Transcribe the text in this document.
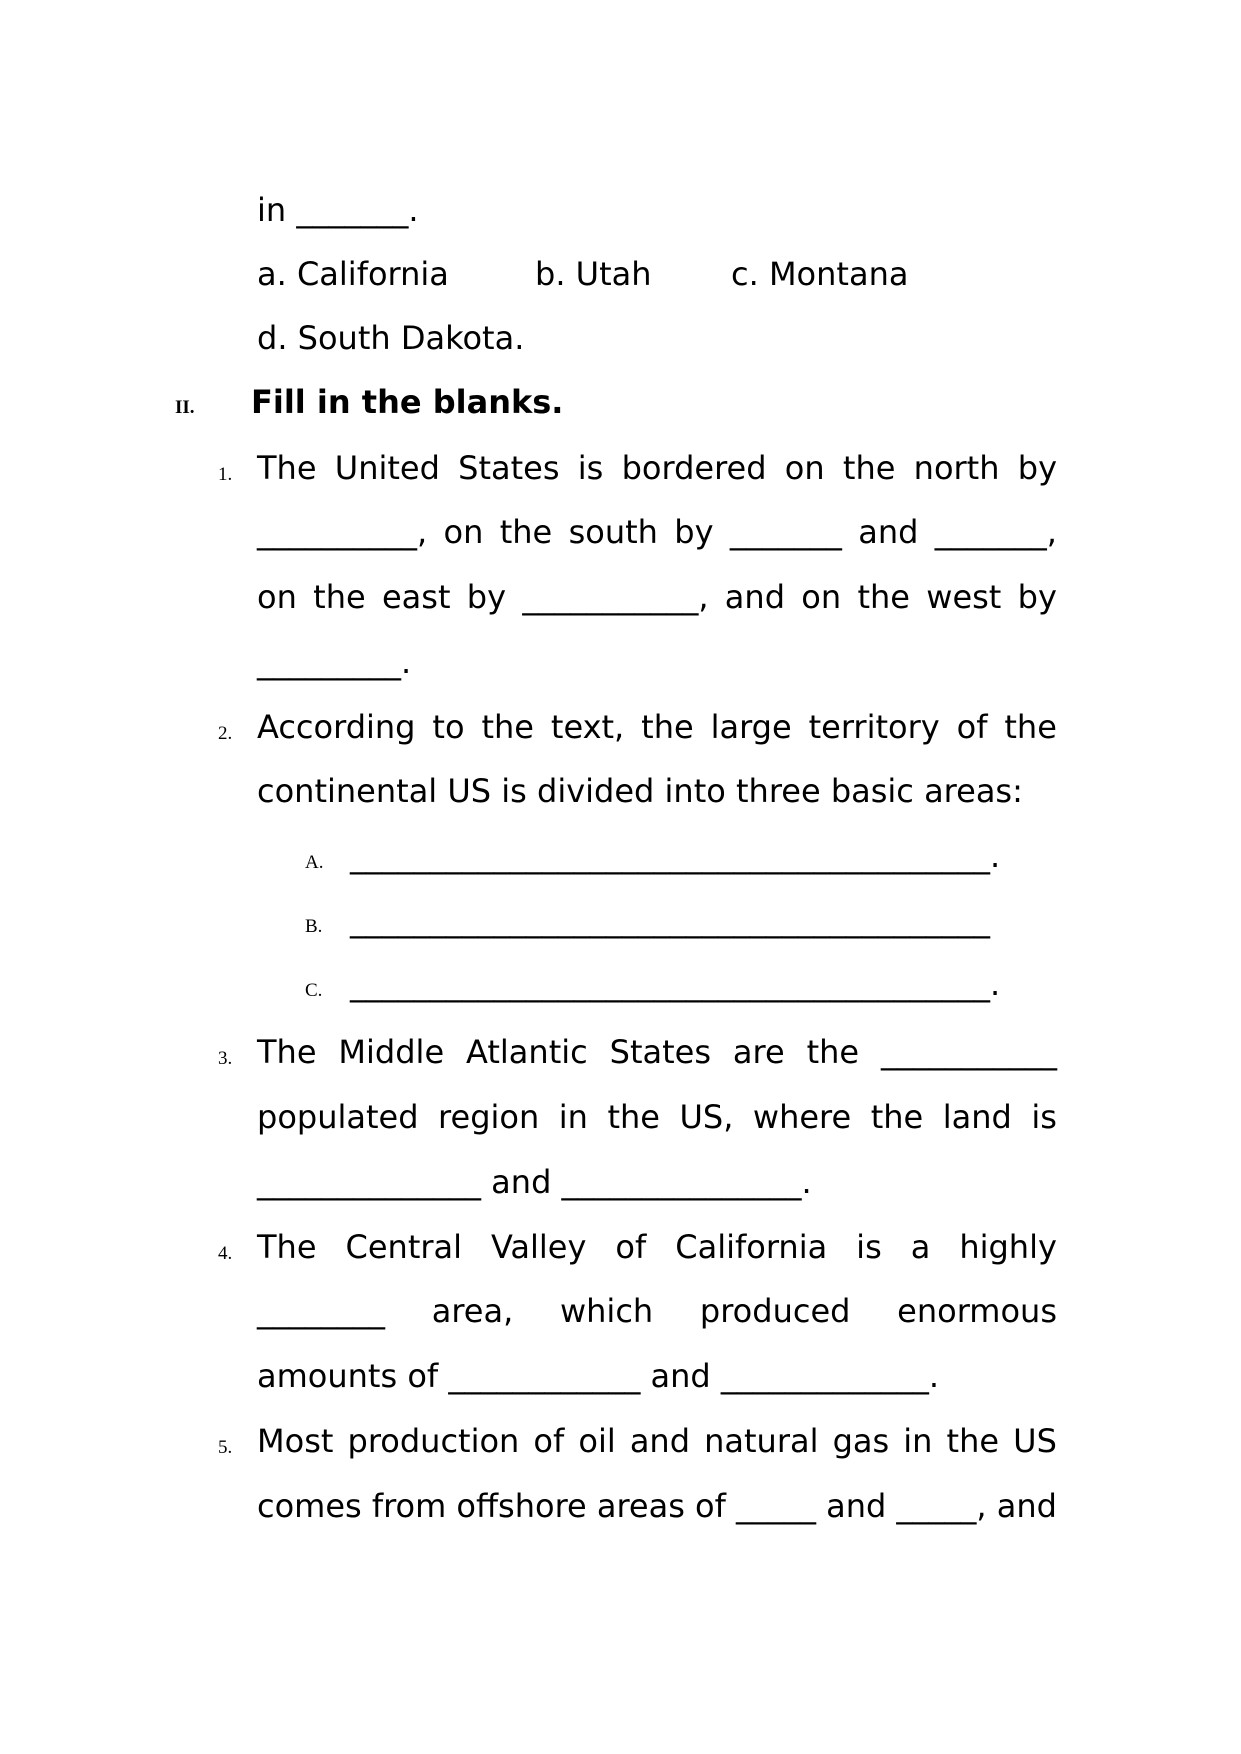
in _______.
a. California	b. Utah c. Montana
d. South Dakota.
II. Fill in the blanks.
1. The United States is bordered on the north by
__________, on the south by _______ and _______,
on the east by ___________, and on the west by
_________.
2. According to the text, the large territory of the
continental US is divided into three basic areas:
A. ________________________________________.
B. ________________________________________
C. ________________________________________.
3. The Middle Atlantic States are the ___________
populated region in the US, where the land is
______________ and _______________.
4. The Central Valley of California is a highly
________ area, which produced enormous
amounts of ____________ and _____________.
5. Most production of oil and natural gas in the US
comes from offshore areas of _____ and _____, and
